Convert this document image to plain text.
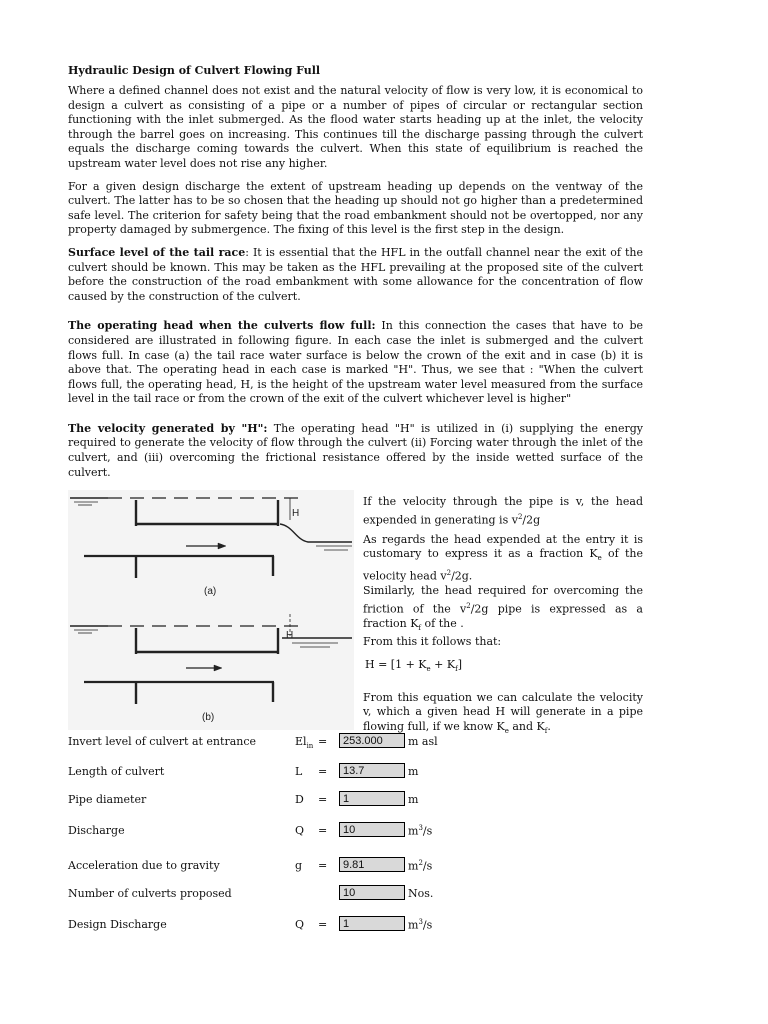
Hydraulic Design of Culvert Flowing Full

Where a defined channel does not exist and the natural velocity of flow is very low, it is economical to design a culvert as consisting of a pipe or a number of pipes of circular or rectangular section functioning with the inlet submerged. As the flood water starts heading up at the inlet, the velocity through the barrel goes on increasing. This continues till the discharge passing through the culvert equals the discharge coming towards the culvert. When this state of equilibrium is reached the upstream water level does not rise any higher.

For a given design discharge the extent of upstream heading up depends on the ventway of the culvert. The latter has to be so chosen that the heading up should not go higher than a predetermined safe level. The criterion for safety being that the road embankment should not be overtopped, nor any property damaged by submergence. The fixing of this level is the first step in the design.

Surface level of the tail race: It is essential that the HFL in the outfall channel near the exit of the culvert should be known. This may be taken as the HFL prevailing at the proposed site of the culvert before the construction of the road embankment with some allowance for the concentration of flow caused by the construction of the culvert.

The operating head when the culverts flow full: In this connection the cases that have to be considered are illustrated in following figure. In each case the inlet is submerged and the culvert flows full. In case (a) the tail race water surface is below the crown of the exit and in case (b) it is above that. The operating head in each case is marked "H". Thus, we see that : "When the culvert flows full, the operating head, H, is the height of the upstream water level measured from the surface level in the tail race or from the crown of the exit of the culvert whichever level is higher"

The velocity generated by "H": The operating head "H" is utilized in (i) supplying the energy required to generate the velocity of flow through the culvert (ii) Forcing water through the inlet of the culvert, and (iii) overcoming the frictional resistance offered by the inside wetted surface of the culvert.

H
H
(a)
(b)

If the velocity through the pipe is v, the head expended in generating is $v^2/2g$

As regards the head expended at the entry it is customary to express it as a fraction $K_e$ of the velocity head $v^2/2g$.

Similarly, the head required for overcoming the friction of the $v^2/2g$ pipe is expressed as a fraction $K_f$ of the .

From this it follows that:

$H = [1 + K_e + K_f]$

From this equation we can calculate the velocity v, which a given head H will generate in a pipe flowing full, if we know $K_e$ and $K_f$.

Invert level of culvert at entrance	$El_{in}$ =	253.000	m asl
Length of culvert	L =	13.7	m
Pipe diameter	D =	1	m
Discharge	Q =	10	$m^3/s$
Acceleration due to gravity	g =	9.81	$m^2/s$
Number of culverts proposed	10	Nos.
Design Discharge	Q =	1	$m^3/s$
